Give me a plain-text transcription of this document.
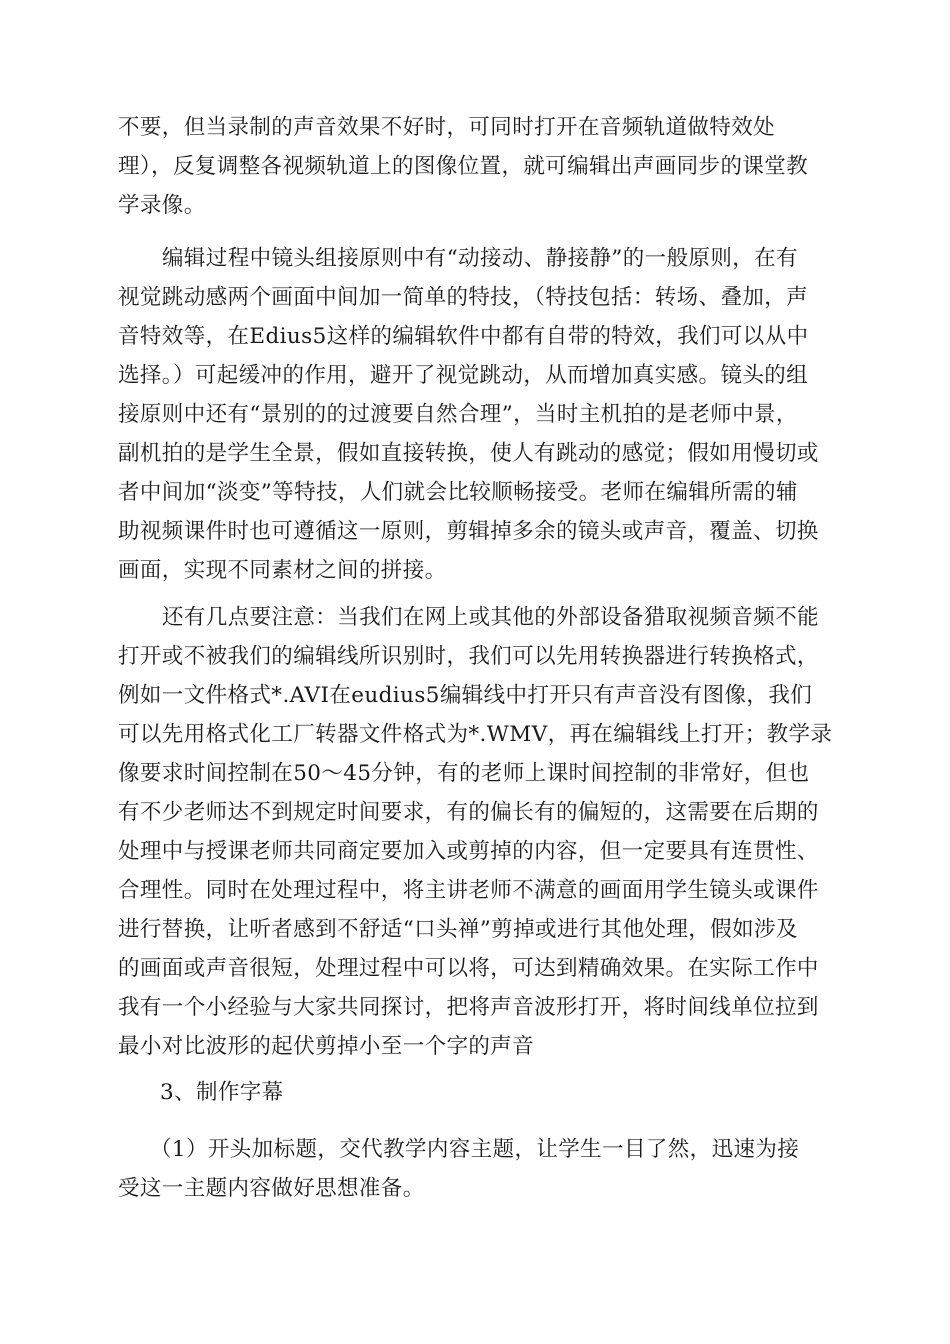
不要，但当录制的声音效果不好时，可同时打开在音频轨道做特效处
理），反复调整各视频轨道上的图像位置，就可编辑出声画同步的课堂教
学录像。
编辑过程中镜头组接原则中有“动接动、静接静”的一般原则，在有
视觉跳动感两个画面中间加一简单的特技，（特技包括：转场、叠加，声
音特效等，在Edius5这样的编辑软件中都有自带的特效，我们可以从中
选择。）可起缓冲的作用，避开了视觉跳动，从而增加真实感。镜头的组
接原则中还有“景别的的过渡要自然合理”，当时主机拍的是老师中景，
副机拍的是学生全景，假如直接转换，使人有跳动的感觉；假如用慢切或
者中间加“淡变”等特技，人们就会比较顺畅接受。老师在编辑所需的辅
助视频课件时也可遵循这一原则，剪辑掉多余的镜头或声音，覆盖、切换
画面，实现不同素材之间的拼接。
还有几点要注意：当我们在网上或其他的外部设备猎取视频音频不能
打开或不被我们的编辑线所识别时，我们可以先用转换器进行转换格式，
例如一文件格式*.AVI在eudius5编辑线中打开只有声音没有图像，我们
可以先用格式化工厂转器文件格式为*.WMV，再在编辑线上打开；教学录
像要求时间控制在50～45分钟，有的老师上课时间控制的非常好，但也
有不少老师达不到规定时间要求，有的偏长有的偏短的，这需要在后期的
处理中与授课老师共同商定要加入或剪掉的内容，但一定要具有连贯性、
合理性。同时在处理过程中，将主讲老师不满意的画面用学生镜头或课件
进行替换，让听者感到不舒适“口头禅”剪掉或进行其他处理，假如涉及
的画面或声音很短，处理过程中可以将，可达到精确效果。在实际工作中
我有一个小经验与大家共同探讨，把将声音波形打开，将时间线单位拉到
最小对比波形的起伏剪掉小至一个字的声音
3、制作字幕
（1）开头加标题，交代教学内容主题，让学生一目了然，迅速为接
受这一主题内容做好思想准备。
